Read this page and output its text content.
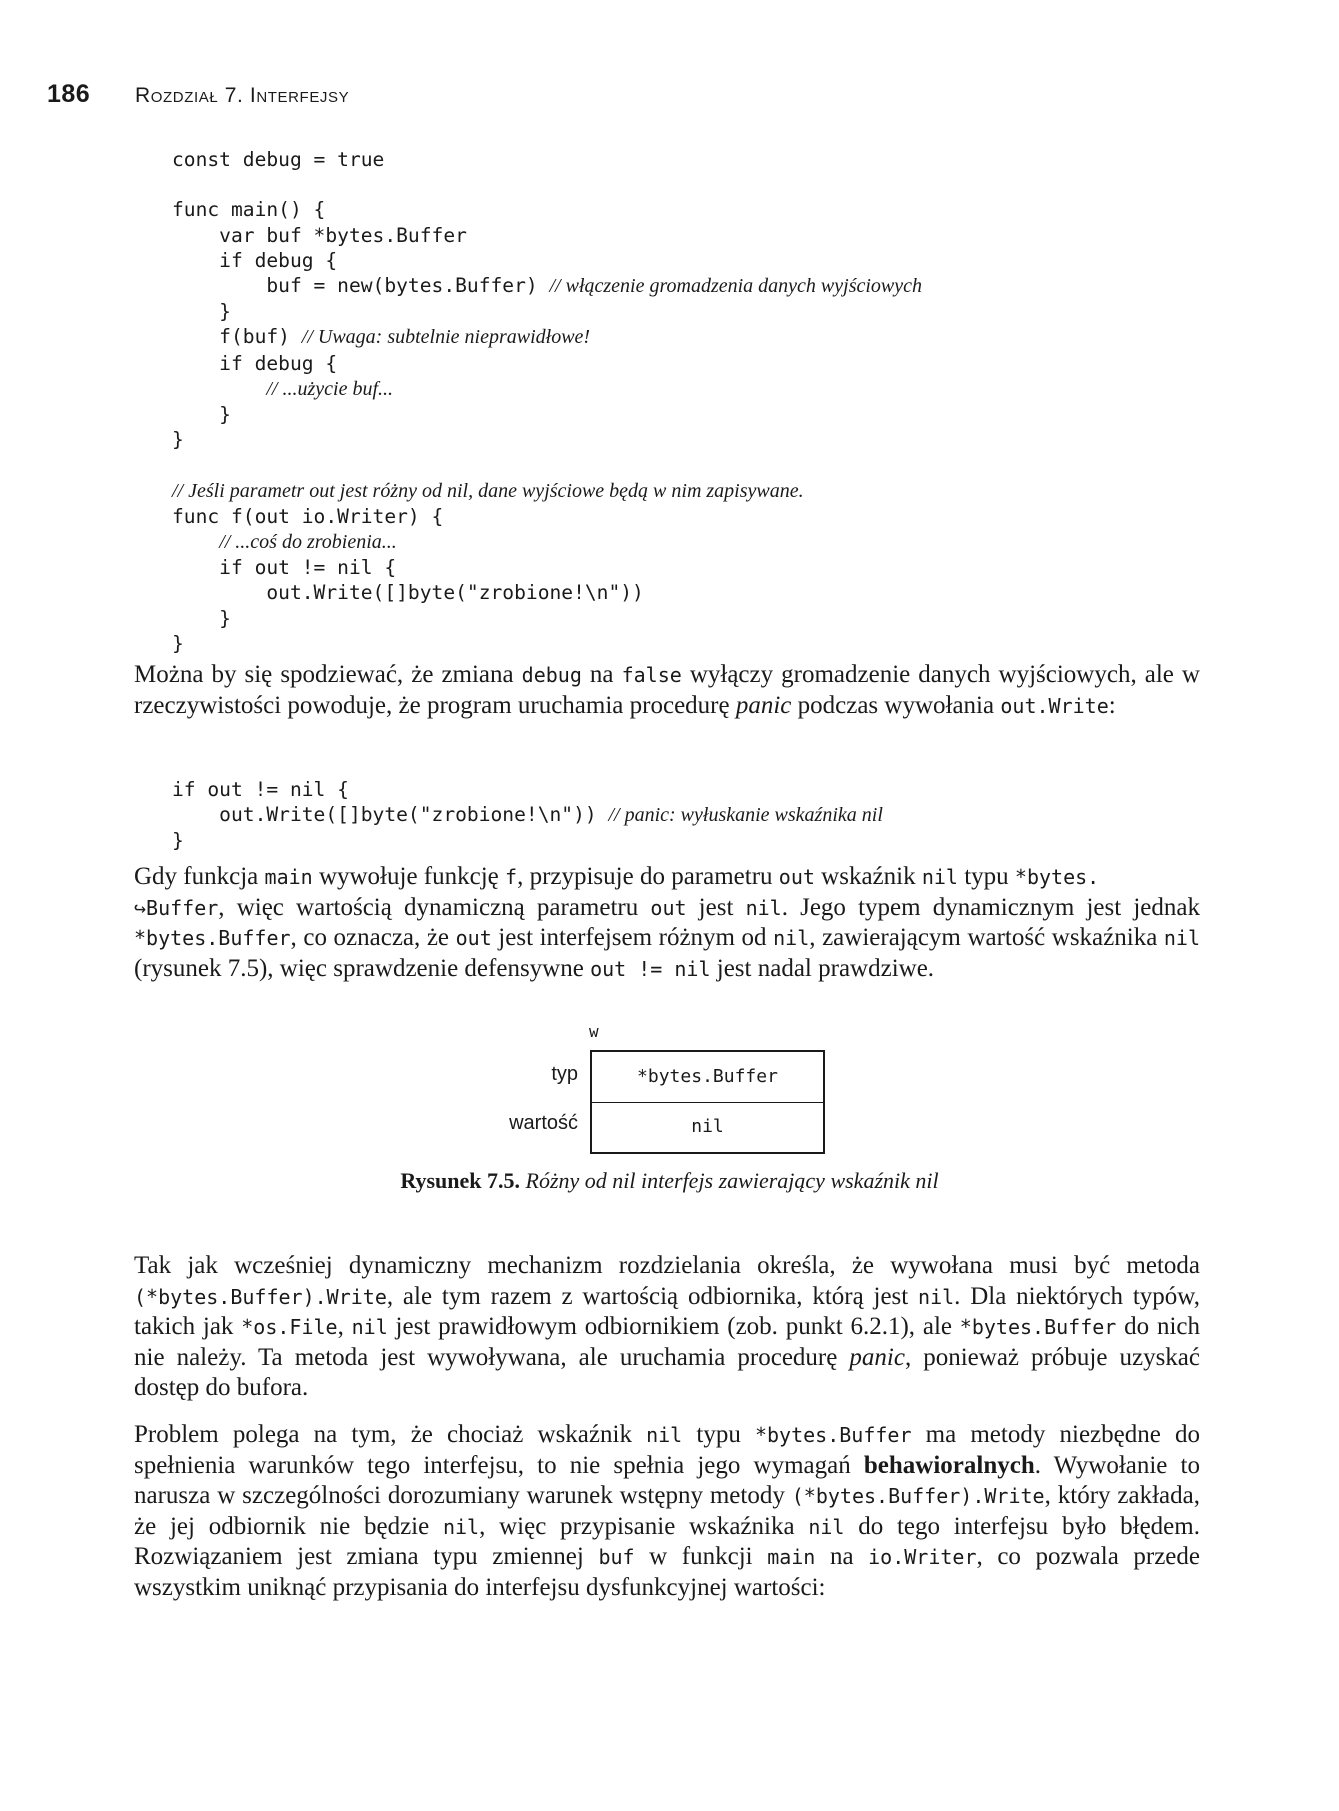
186 Rozdział 7. Interfejsy
const debug = true

func main() {
var buf *bytes.Buffer
if debug {
buf = new(bytes.Buffer) // włączenie gromadzenia danych wyjściowych
}
f(buf) // Uwaga: subtelnie nieprawidłowe!
if debug {
// ...użycie buf...
}
}

// Jeśli parametr out jest różny od nil, dane wyjściowe będą w nim zapisywane.
func f(out io.Writer) {
// ...coś do zrobienia...
if out != nil {
out.Write([]byte("zrobione!\n"))
}
}

Można by się spodziewać, że zmiana debug na false wyłączy gromadzenie danych wyjściowych, ale w rzeczywistości powoduje, że program uruchamia procedurę panic podczas wywołania out.Write:

if out != nil {
out.Write([]byte("zrobione!\n")) // panic: wyłuskanie wskaźnika nil
}

Gdy funkcja main wywołuje funkcję f, przypisuje do parametru out wskaźnik nil typu *bytes.
↪Buffer, więc wartością dynamiczną parametru out jest nil. Jego typem dynamicznym jest jednak *bytes.Buffer, co oznacza, że out jest interfejsem różnym od nil, zawierającym wartość wskaźnika nil (rysunek 7.5), więc sprawdzenie defensywne out != nil jest nadal prawdziwe.

w
typ
wartość
*bytes.Buffer
nil
Rysunek 7.5. Różny od nil interfejs zawierający wskaźnik nil

Tak jak wcześniej dynamiczny mechanizm rozdzielania określa, że wywołana musi być metoda (*bytes.Buffer).Write, ale tym razem z wartością odbiornika, którą jest nil. Dla niektórych typów, takich jak *os.File, nil jest prawidłowym odbiornikiem (zob. punkt 6.2.1), ale *bytes.Buffer do nich nie należy. Ta metoda jest wywoływana, ale uruchamia procedurę panic, ponieważ próbuje uzyskać dostęp do bufora.

Problem polega na tym, że chociaż wskaźnik nil typu *bytes.Buffer ma metody niezbędne do spełnienia warunków tego interfejsu, to nie spełnia jego wymagań behawioralnych. Wywołanie to narusza w szczególności dorozumiany warunek wstępny metody (*bytes.Buffer).Write, który zakłada, że jej odbiornik nie będzie nil, więc przypisanie wskaźnika nil do tego interfejsu było błędem. Rozwiązaniem jest zmiana typu zmiennej buf w funkcji main na io.Writer, co pozwala przede wszystkim uniknąć przypisania do interfejsu dysfunkcyjnej wartości:
